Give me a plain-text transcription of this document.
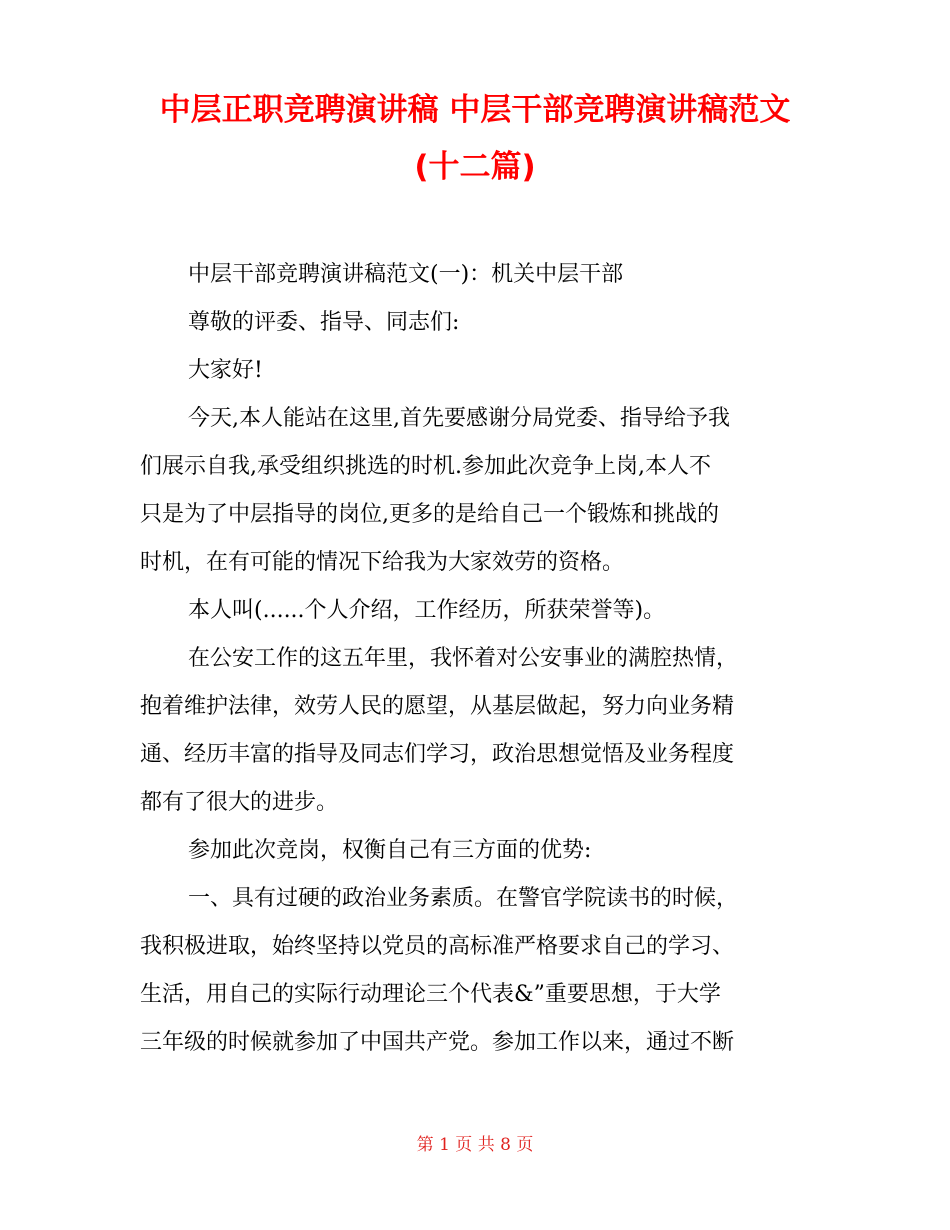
中层正职竞聘演讲稿 中层干部竞聘演讲稿范文
(十二篇)
中层干部竞聘演讲稿范文(一)：机关中层干部
尊敬的评委、指导、同志们:
大家好!
今天,本人能站在这里,首先要感谢分局党委、指导给予我
们展示自我,承受组织挑选的时机.参加此次竞争上岗,本人不
只是为了中层指导的岗位,更多的是给自己一个锻炼和挑战的
时机，在有可能的情况下给我为大家效劳的资格。
本人叫(......个人介绍，工作经历，所获荣誉等)。
在公安工作的这五年里，我怀着对公安事业的满腔热情，
抱着维护法律，效劳人民的愿望，从基层做起，努力向业务精
通、经历丰富的指导及同志们学习，政治思想觉悟及业务程度
都有了很大的进步。
参加此次竞岗，权衡自己有三方面的优势:
一、具有过硬的政治业务素质。在警官学院读书的时候，
我积极进取，始终坚持以党员的高标准严格要求自己的学习、
生活，用自己的实际行动理论三个代表&”重要思想，于大学
三年级的时候就参加了中国共产党。参加工作以来，通过不断
第 1 页 共 8 页
